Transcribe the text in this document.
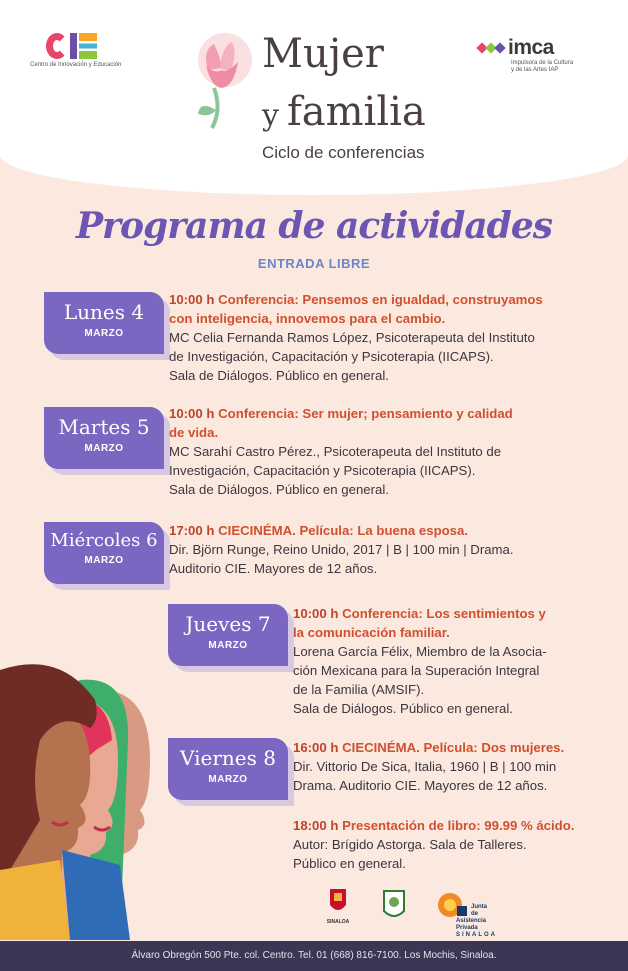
Centro de Innovación y Educación	Mujer
y familia
Ciclo de conferencias
imca
Impulsora de la Cultura
y de las Artes IAP
Programa de actividades
ENTRADA LIBRE
Lunes 4
MARZO
Martes 5
MARZO
Miércoles 6
MARZO
Jueves 7
MARZO
Viernes 8
MARZO

10:00 h Conferencia: Pensemos en igualdad, construyamos

con inteligencia, innovemos para el cambio.

MC Celia Fernanda Ramos López, Psicoterapeuta del Instituto

de Investigación, Capacitación y Psicoterapia (IICAPS).

Sala de Diálogos. Público en general.

10:00 h Conferencia: Ser mujer; pensamiento y calidad

de vida.

MC Sarahí Castro Pérez., Psicoterapeuta del Instituto de

Investigación, Capacitación y Psicoterapia (IICAPS).

Sala de Diálogos. Público en general.

17:00 h CIECINÉMA. Película: La buena esposa.

Dir. Björn Runge, Reino Unido, 2017 | B | 100 min | Drama.

Auditorio CIE. Mayores de 12 años.

10:00 h Conferencia: Los sentimientos y

la comunicación familiar.

Lorena García Félix, Miembro de la Asocia-

ción Mexicana para la Superación Integral

de la Familia (AMSIF).

Sala de Diálogos. Público en general.

16:00 h CIECINÉMA. Película: Dos mujeres.

Dir. Vittorio De Sica, Italia, 1960 | B | 100 min

Drama. Auditorio CIE. Mayores de 12 años.

18:00 h Presentación de libro: 99.99 % ácido.

Autor: Brígido Astorga. Sala de Talleres.

Público en general.

SINALOA
Junta
de Asistencia
Privada
SINALOA
Álvaro Obregón 500 Pte. col. Centro. Tel. 01 (668) 816-7100. Los Mochis, Sinaloa.
